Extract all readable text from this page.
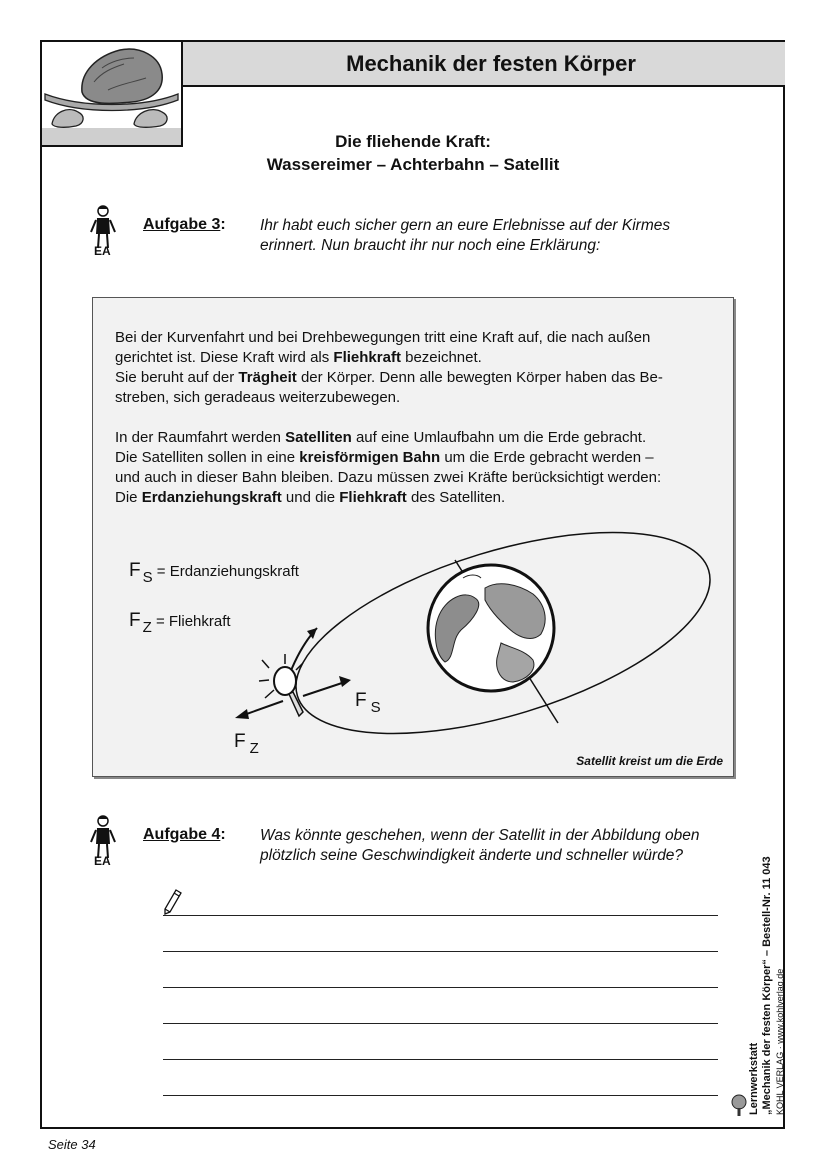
Mechanik der festen Körper
Die fliehende Kraft:
Wassereimer – Achterbahn – Satellit
EA
Aufgabe 3: Ihr habt euch sicher gern an eure Erlebnisse auf der Kirmes
erinnert. Nun braucht ihr nur noch eine Erklärung:
Bei der Kurvenfahrt und bei Drehbewegungen tritt eine Kraft auf, die nach außen
gerichtet ist. Diese Kraft wird als Fliehkraft bezeichnet.
Sie beruht auf der Trägheit der Körper. Denn alle bewegten Körper haben das Be-
streben, sich geradeaus weiterzubewegen.
In der Raumfahrt werden Satelliten auf eine Umlaufbahn um die Erde gebracht.
Die Satelliten sollen in eine kreisförmigen Bahn um die Erde gebracht werden –
und auch in dieser Bahn bleiben. Dazu müssen zwei Kräfte berücksichtigt werden:
Die Erdanziehungskraft und die Fliehkraft des Satelliten.
F S = Erdanziehungskraft
F Z = Fliehkraft
F $_S$
F $_Z$
Satellit kreist um die Erde
EA
Aufgabe 4: Was könnte geschehen, wenn der Satellit in der Abbildung oben
plötzlich seine Geschwindigkeit änderte und schneller würde?
Lernwerkstatt „Mechanik der festen Körper“ – Bestell-Nr. 11 043 KOHL VERLAG · www.kohlverlag.de
Seite 34
